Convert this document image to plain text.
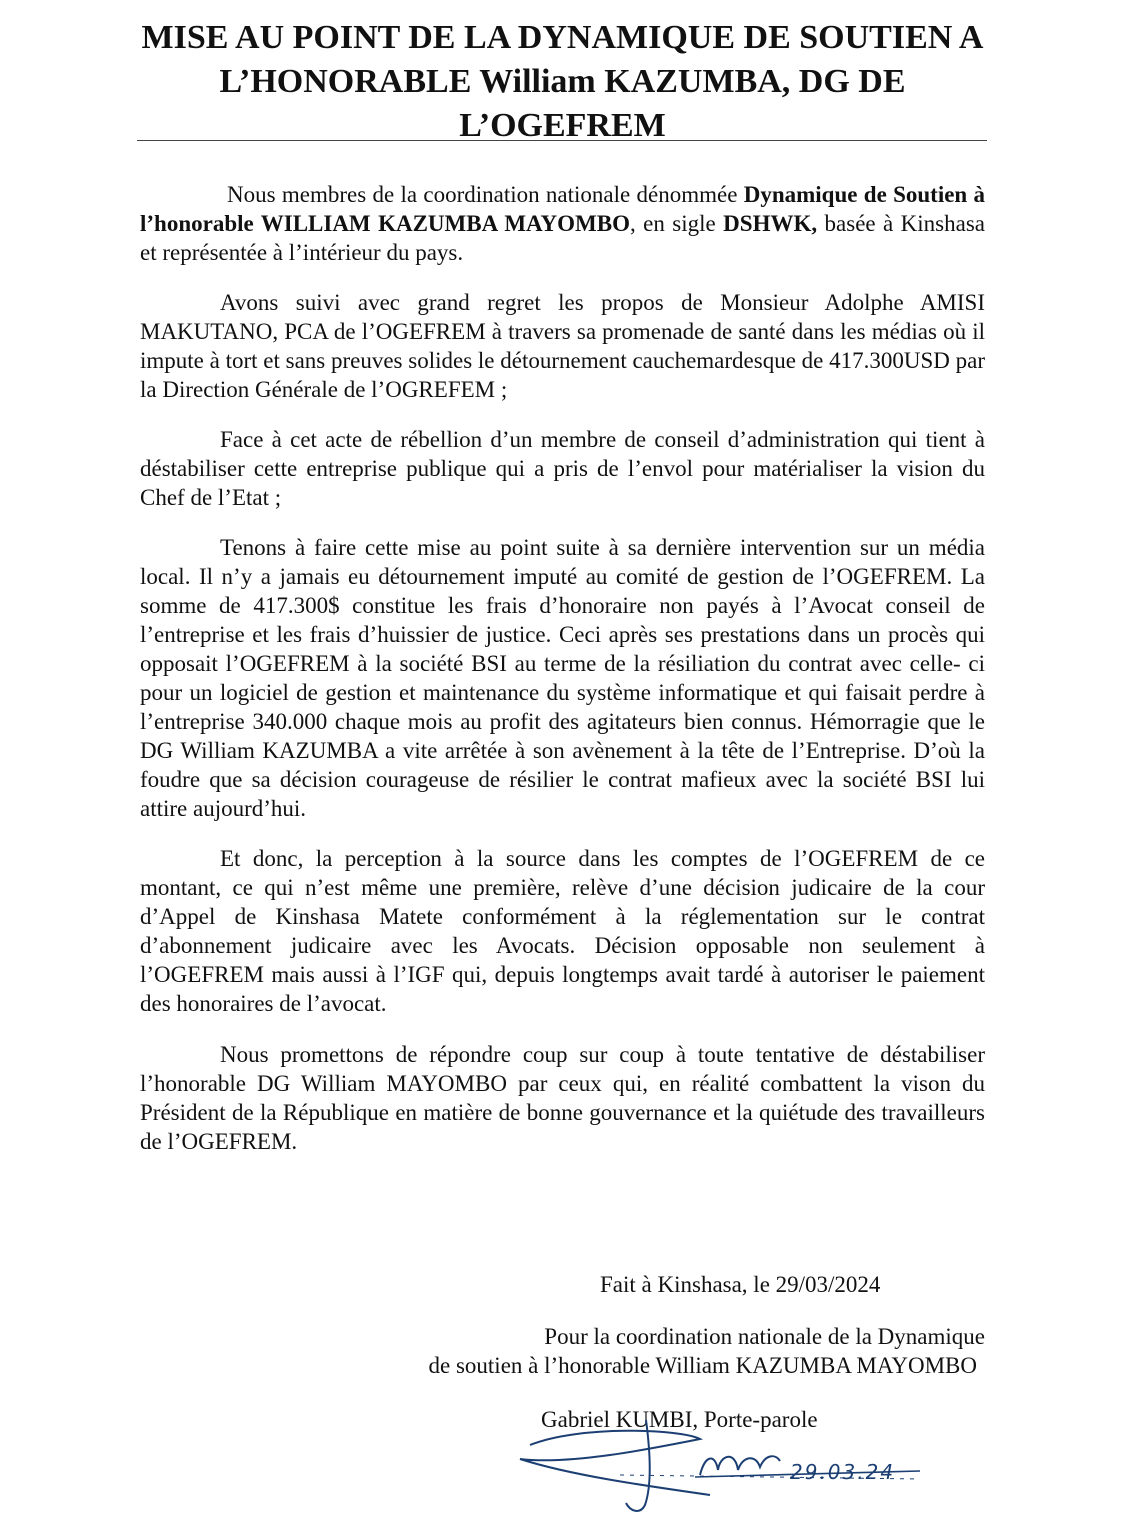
MISE AU POINT DE LA DYNAMIQUE DE SOUTIEN A
L’HONORABLE William KAZUMBA, DG DE
L’OGEFREM

Nous membres de la coordination nationale dénommée Dynamique de Soutien à l’honorable WILLIAM KAZUMBA MAYOMBO, en sigle DSHWK, basée à Kinshasa et représentée à l’intérieur du pays.

Avons suivi avec grand regret les propos de Monsieur Adolphe AMISI MAKUTANO, PCA de l’OGEFREM à travers sa promenade de santé dans les médias où il impute à tort et sans preuves solides le détournement cauchemardesque de 417.300USD par la Direction Générale de l’OGREFEM ;

Face à cet acte de rébellion d’un membre de conseil d’administration qui tient à déstabiliser cette entreprise publique qui a pris de l’envol pour matérialiser la vision du Chef de l’Etat ;

Tenons à faire cette mise au point suite à sa dernière intervention sur un média local. Il n’y a jamais eu détournement imputé au comité de gestion de l’OGEFREM. La somme de 417.300$ constitue les frais d’honoraire non payés à l’Avocat conseil de l’entreprise et les frais d’huissier de justice. Ceci après ses prestations dans un procès qui opposait l’OGEFREM à la société BSI au terme de la résiliation du contrat avec celle- ci pour un logiciel de gestion et maintenance du système informatique et qui faisait perdre à l’entreprise 340.000 chaque mois au profit des agitateurs bien connus. Hémorragie que le DG William KAZUMBA a vite arrêtée à son avènement à la tête de l’Entreprise. D’où la foudre que sa décision courageuse de résilier le contrat mafieux avec la société BSI lui attire aujourd’hui.

Et donc, la perception à la source dans les comptes de l’OGEFREM de ce montant, ce qui n’est même une première, relève d’une décision judicaire de la cour d’Appel de Kinshasa Matete conformément à la réglementation sur le contrat d’abonnement judicaire avec les Avocats. Décision opposable non seulement à l’OGEFREM mais aussi à l’IGF qui, depuis longtemps avait tardé à autoriser le paiement des honoraires de l’avocat.

Nous promettons de répondre coup sur coup à toute tentative de déstabiliser l’honorable DG William MAYOMBO par ceux qui, en réalité combattent la vison du Président de la République en matière de bonne gouvernance et la quiétude des travailleurs de l’OGEFREM.

Fait à Kinshasa, le 29/03/2024
Pour la coordination nationale de la Dynamique
de soutien à l’honorable William KAZUMBA MAYOMBO
Gabriel KUMBI, Porte-parole
29.03.24
